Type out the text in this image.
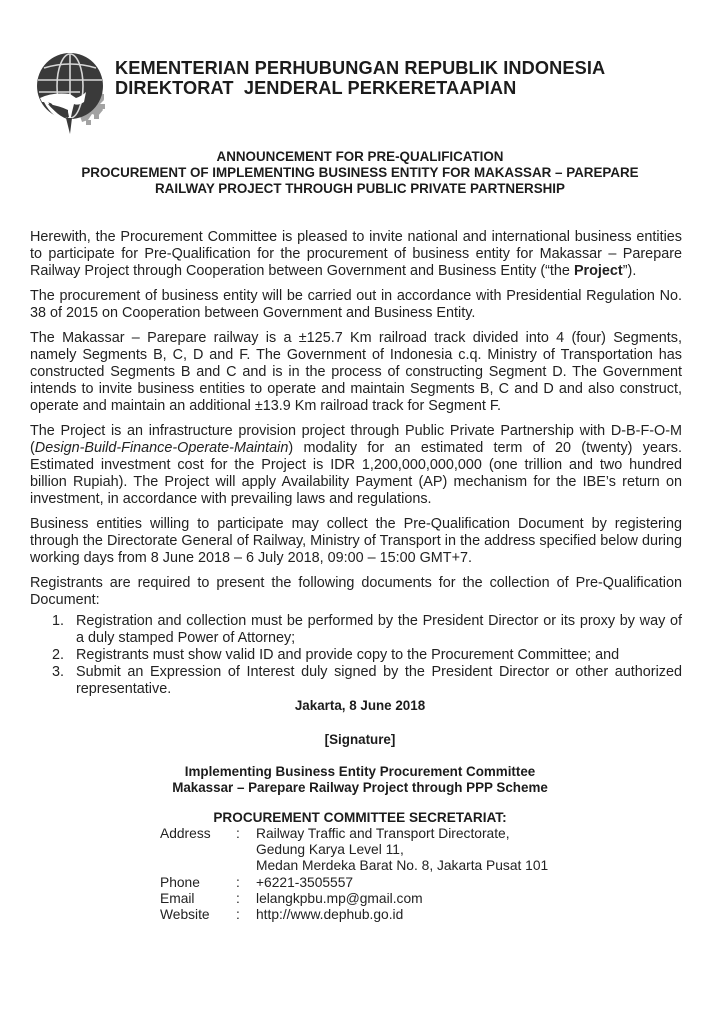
KEMENTERIAN PERHUBUNGAN REPUBLIK INDONESIA
DIREKTORAT  JENDERAL PERKERETAAPIAN
ANNOUNCEMENT FOR PRE-QUALIFICATION
PROCUREMENT OF IMPLEMENTING BUSINESS ENTITY FOR MAKASSAR – PAREPARE
RAILWAY PROJECT THROUGH PUBLIC PRIVATE PARTNERSHIP

Herewith, the Procurement Committee is pleased to invite national and international business entities to participate for Pre-Qualification for the procurement of business entity for Makassar – Parepare Railway Project through Cooperation between Government and Business Entity (“the Project”).

The procurement of business entity will be carried out in accordance with Presidential Regulation No. 38 of 2015 on Cooperation between Government and Business Entity.

The Makassar – Parepare railway is a ±125.7 Km railroad track divided into 4 (four) Segments, namely Segments B, C, D and F. The Government of Indonesia c.q. Ministry of Transportation has constructed Segments B and C and is in the process of constructing Segment D. The Government intends to invite business entities to operate and maintain Segments B, C and D and also construct, operate and maintain an additional ±13.9 Km railroad track for Segment F.

The Project is an infrastructure provision project through Public Private Partnership with D-B-F-O-M (Design-Build-Finance-Operate-Maintain) modality for an estimated term of 20 (twenty) years. Estimated investment cost for the Project is IDR 1,200,000,000,000 (one trillion and two hundred billion Rupiah). The Project will apply Availability Payment (AP) mechanism for the IBE’s return on investment, in accordance with prevailing laws and regulations.

Business entities willing to participate may collect the Pre-Qualification Document by registering through the Directorate General of Railway, Ministry of Transport in the address specified below during working days from 8 June 2018 – 6 July 2018, 09:00 – 15:00 GMT+7.

Registrants are required to present the following documents for the collection of Pre-Qualification Document:

1. Registration and collection must be performed by the President Director or its proxy by way of a duly stamped Power of Attorney;
2. Registrants must show valid ID and provide copy to the Procurement Committee; and
3. Submit an Expression of Interest duly signed by the President Director or other authorized representative.
Jakarta, 8 June 2018
[Signature]
Implementing Business Entity Procurement Committee
Makassar – Parepare Railway Project through PPP Scheme
PROCUREMENT COMMITTEE SECRETARIAT:
Address : Railway Traffic and Transport Directorate,
Gedung Karya Level 11,
Medan Merdeka Barat No. 8, Jakarta Pusat 101
Phone	: +6221-3505557
Email	: lelangkpbu.mp@gmail.com
Website : http://www.dephub.go.id
